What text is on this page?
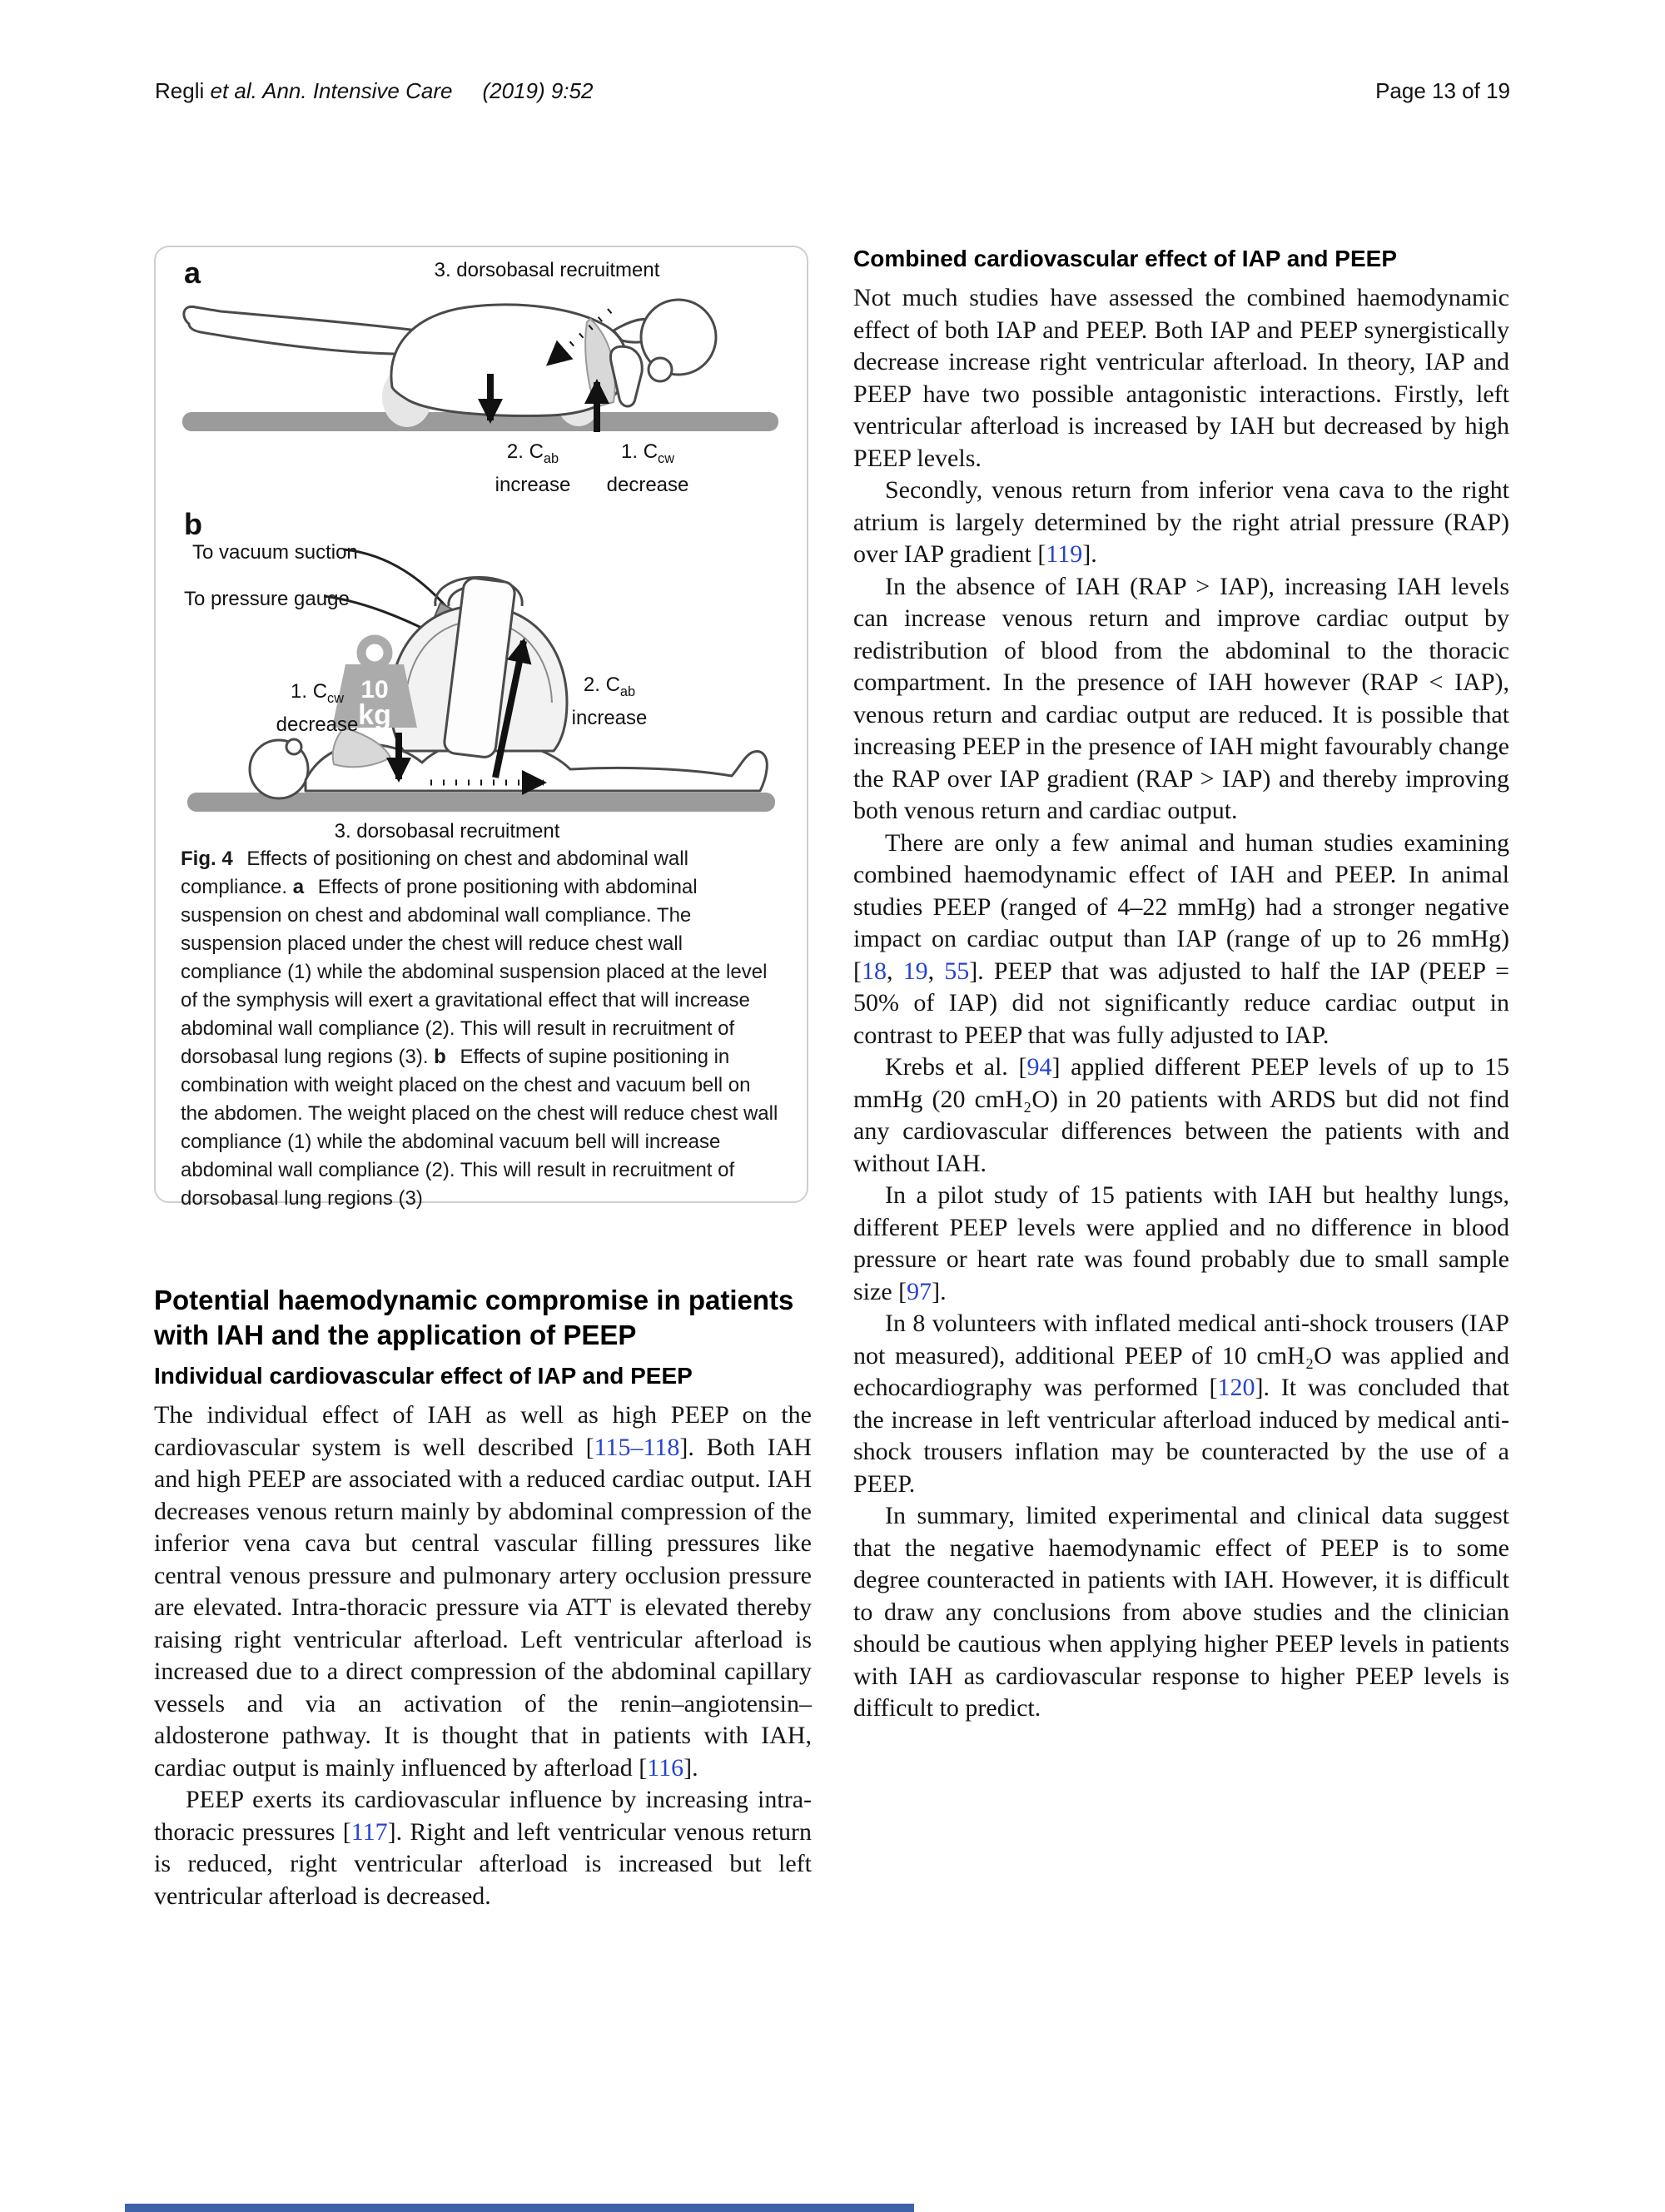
Regli et al. Ann. Intensive Care (2019) 9:52	Page 13 of 19
a	3. dorsobasal recruitment
2. $C_{ab}$
increase
1. $C_{cw}$
decrease
b
To vacuum suction
To pressure gauge
10
kg
1. $C_{cw}$
decrease
2. $C_{ab}$
increase
3. dorsobasal recruitment
Fig. 4 Effects of positioning on chest and abdominal wall compliance. a Effects of prone positioning with abdominal suspension on chest and abdominal wall compliance. The suspension placed under the chest will reduce chest wall compliance (1) while the abdominal suspension placed at the level of the symphysis will exert a gravitational effect that will increase abdominal wall compliance (2). This will result in recruitment of dorsobasal lung regions (3). b Effects of supine positioning in combination with weight placed on the chest and vacuum bell on the abdomen. The weight placed on the chest will reduce chest wall compliance (1) while the abdominal vacuum bell will increase abdominal wall compliance (2). This will result in recruitment of dorsobasal lung regions (3)
Potential haemodynamic compromise in patients with IAH and the application of PEEP
Individual cardiovascular effect of IAP and PEEP

The individual effect of IAH as well as high PEEP on the cardiovascular system is well described [115–118]. Both IAH and high PEEP are associated with a reduced cardiac output. IAH decreases venous return mainly by abdominal compression of the inferior vena cava but central vascular filling pressures like central venous pressure and pulmonary artery occlusion pressure are elevated. Intra-thoracic pressure via ATT is elevated thereby raising right ventricular afterload. Left ventricular afterload is increased due to a direct compression of the abdominal capillary vessels and via an activation of the renin–angiotensin–aldosterone pathway. It is thought that in patients with IAH, cardiac output is mainly influenced by afterload [116].

PEEP exerts its cardiovascular influence by increasing intra-thoracic pressures [117]. Right and left ventricular venous return is reduced, right ventricular afterload is increased but left ventricular afterload is decreased.

Combined cardiovascular effect of IAP and PEEP

Not much studies have assessed the combined haemodynamic effect of both IAP and PEEP. Both IAP and PEEP synergistically decrease increase right ventricular afterload. In theory, IAP and PEEP have two possible antagonistic interactions. Firstly, left ventricular afterload is increased by IAH but decreased by high PEEP levels.

Secondly, venous return from inferior vena cava to the right atrium is largely determined by the right atrial pressure (RAP) over IAP gradient [119].

In the absence of IAH (RAP > IAP), increasing IAH levels can increase venous return and improve cardiac output by redistribution of blood from the abdominal to the thoracic compartment. In the presence of IAH however (RAP < IAP), venous return and cardiac output are reduced. It is possible that increasing PEEP in the presence of IAH might favourably change the RAP over IAP gradient (RAP > IAP) and thereby improving both venous return and cardiac output.

There are only a few animal and human studies examining combined haemodynamic effect of IAH and PEEP. In animal studies PEEP (ranged of 4–22 mmHg) had a stronger negative impact on cardiac output than IAP (range of up to 26 mmHg) [18, 19, 55]. PEEP that was adjusted to half the IAP (PEEP = 50% of IAP) did not significantly reduce cardiac output in contrast to PEEP that was fully adjusted to IAP.

Krebs et al. [94] applied different PEEP levels of up to 15 mmHg (20 cmH₂O) in 20 patients with ARDS but did not find any cardiovascular differences between the patients with and without IAH.

In a pilot study of 15 patients with IAH but healthy lungs, different PEEP levels were applied and no difference in blood pressure or heart rate was found probably due to small sample size [97].

In 8 volunteers with inflated medical anti-shock trousers (IAP not measured), additional PEEP of 10 cmH₂O was applied and echocardiography was performed [120]. It was concluded that the increase in left ventricular afterload induced by medical anti-shock trousers inflation may be counteracted by the use of a PEEP.

In summary, limited experimental and clinical data suggest that the negative haemodynamic effect of PEEP is to some degree counteracted in patients with IAH. However, it is difficult to draw any conclusions from above studies and the clinician should be cautious when applying higher PEEP levels in patients with IAH as cardiovascular response to higher PEEP levels is difficult to predict.
